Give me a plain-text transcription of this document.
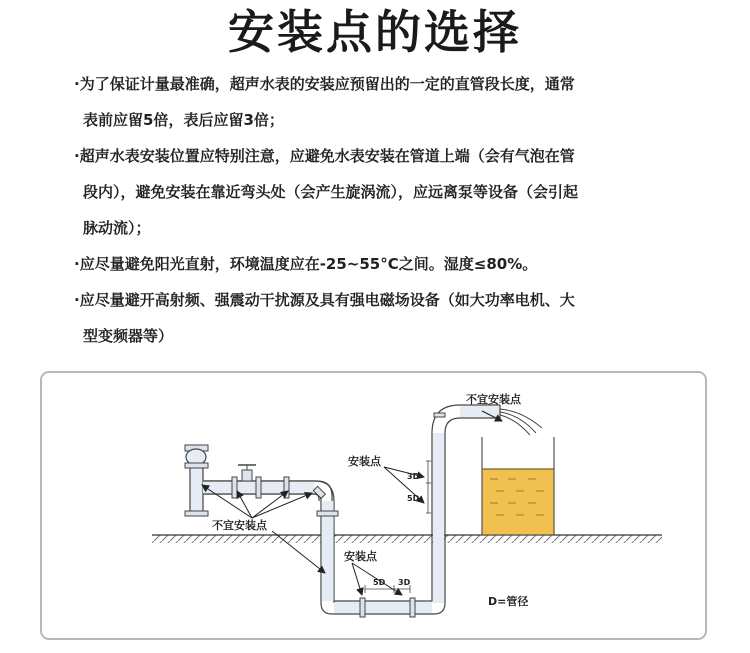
安装点的选择

·为了保证计量最准确，超声水表的安装应预留出的一定的直管段长度，通常
表前应留5倍，表后应留3倍；

·超声水表安装位置应特别注意，应避免水表安装在管道上端（会有气泡在管
段内），避免安装在靠近弯头处（会产生旋涡流），应远离泵等设备（会引起
脉动流）；

·应尽量避免阳光直射，环境温度应在-25~55°C之间。湿度≤80%。

·应尽量避开高射频、强震动干扰源及具有强电磁场设备（如大功率电机、大
型变频器等）

不宜安装点
安装点
3D
5D
不宜安装点
安装点
5D 3D
D=管径
